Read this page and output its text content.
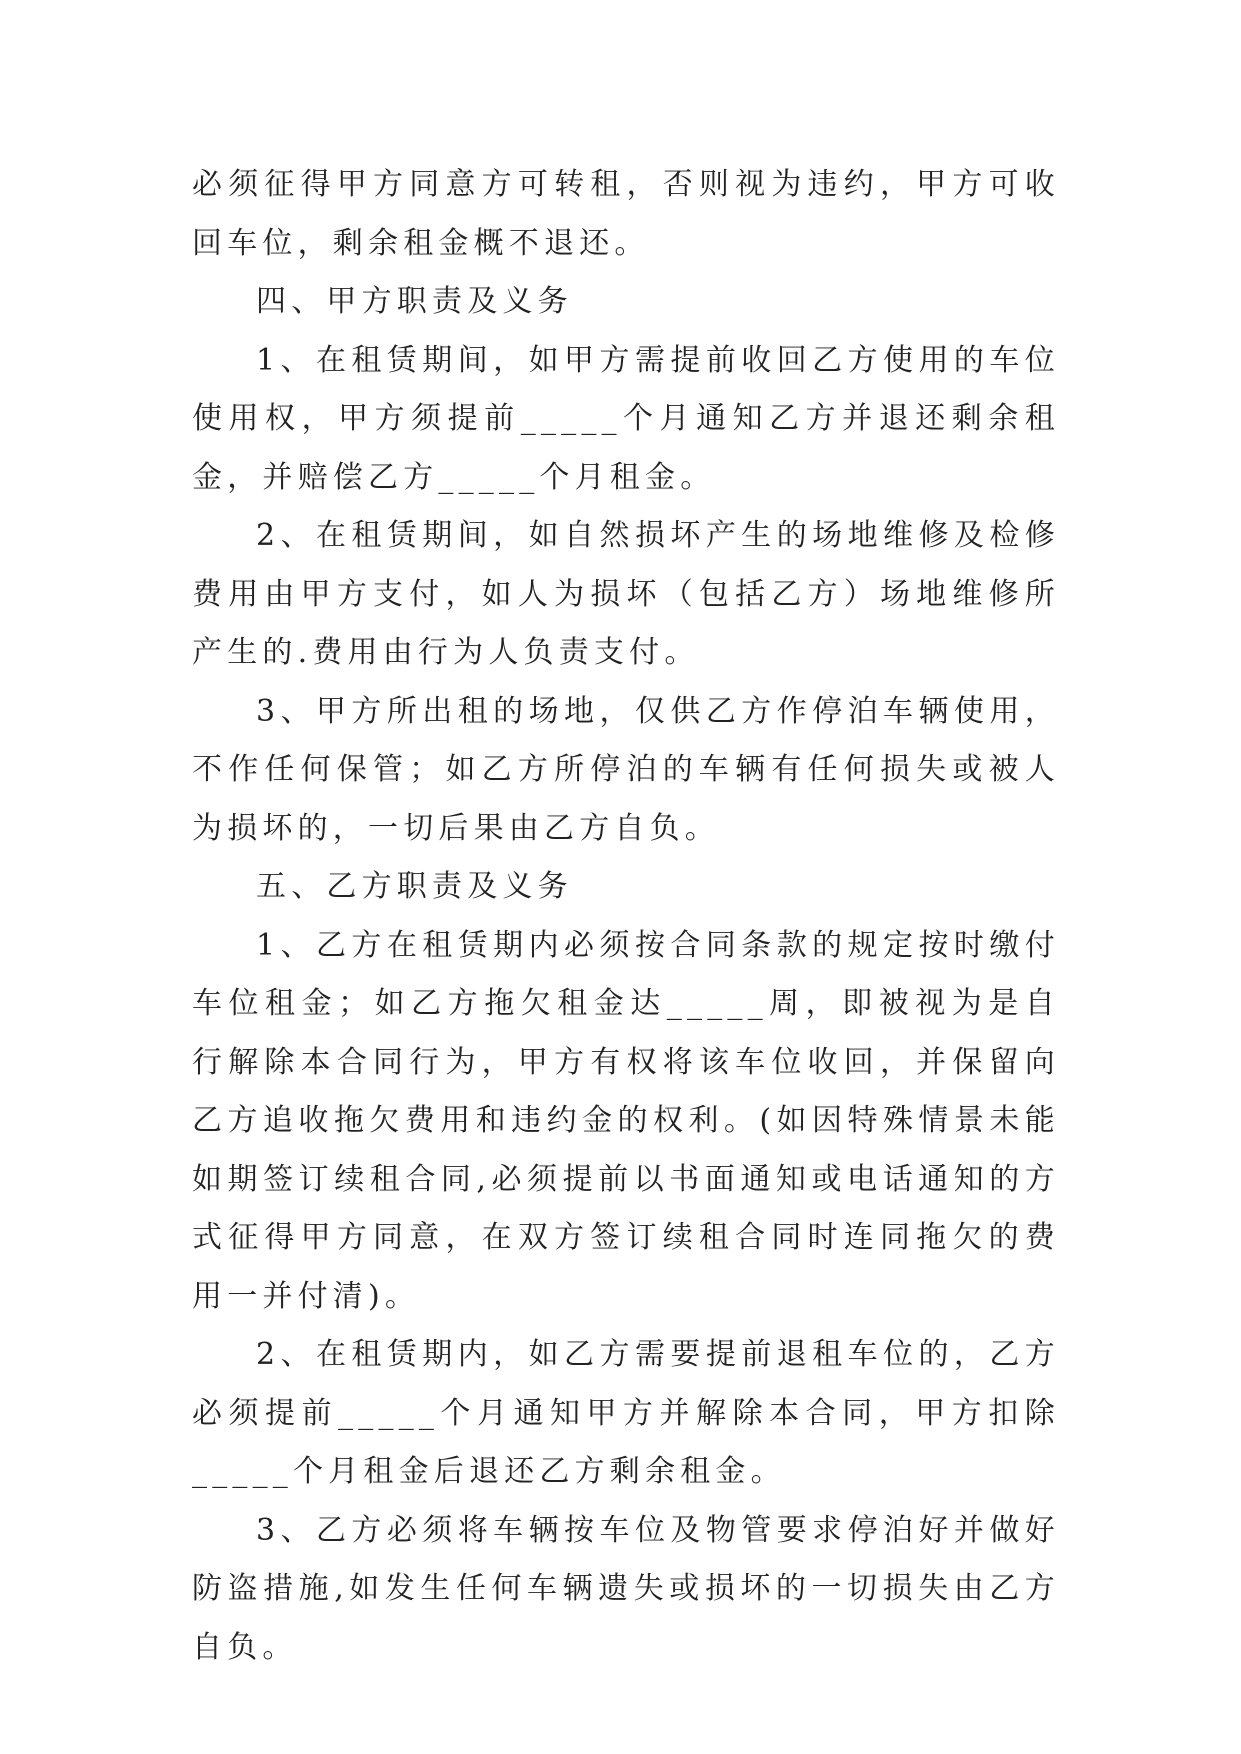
必须征得甲方同意方可转租，否则视为违约，甲方可收回车位，剩余租金概不退还。

四、甲方职责及义务

1、在租赁期间，如甲方需提前收回乙方使用的车位使用权，甲方须提前_____个月通知乙方并退还剩余租金，并赔偿乙方_____个月租金。

2、在租赁期间，如自然损坏产生的场地维修及检修费用由甲方支付，如人为损坏（包括乙方）场地维修所产生的.费用由行为人负责支付。

3、甲方所出租的场地，仅供乙方作停泊车辆使用，不作任何保管；如乙方所停泊的车辆有任何损失或被人为损坏的，一切后果由乙方自负。

五、乙方职责及义务

1、乙方在租赁期内必须按合同条款的规定按时缴付车位租金；如乙方拖欠租金达_____周，即被视为是自行解除本合同行为，甲方有权将该车位收回，并保留向乙方追收拖欠费用和违约金的权利。(如因特殊情景未能如期签订续租合同,必须提前以书面通知或电话通知的方式征得甲方同意，在双方签订续租合同时连同拖欠的费用一并付清)。

2、在租赁期内，如乙方需要提前退租车位的，乙方必须提前_____个月通知甲方并解除本合同，甲方扣除_____个月租金后退还乙方剩余租金。

3、乙方必须将车辆按车位及物管要求停泊好并做好防盗措施,如发生任何车辆遗失或损坏的一切损失由乙方自负。
